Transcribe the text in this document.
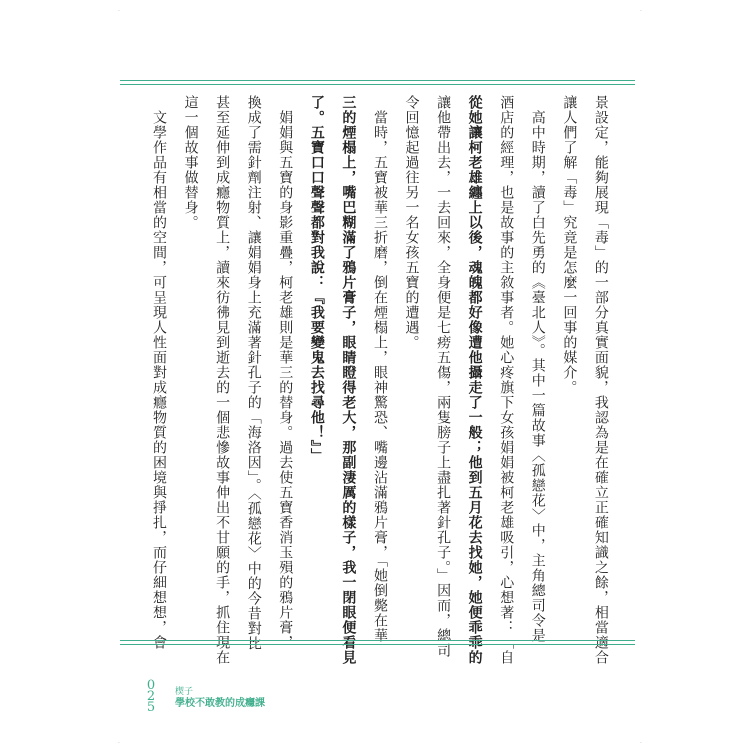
景設定，能夠展現「毒」的一部分真實面貌，我認為是在確立正確知識之餘，相當適合
讓人們了解「毒」究竟是怎麼一回事的媒介。
　高中時期，讀了白先勇的《臺北人》。其中一篇故事〈孤戀花〉中，主角總司令是
酒店的經理，也是故事的主敘事者。她心疼旗下女孩娟娟被柯老雄吸引，心想著：「自
從她讓柯老雄纏上以後，魂魄都好像遭他攝走了一般；他到五月花去找她，她便乖乖的
讓他帶出去，一去回來，全身便是七痨五傷，兩隻膀子上盡扎著針孔子。」因而，總司
令回憶起過往另一名女孩五寶的遭遇。
　當時，五寶被華三折磨，倒在煙榻上，眼神驚恐、嘴邊沾滿鴉片膏，「她倒斃在華
三的煙榻上，嘴巴糊滿了鴉片膏子，眼睛瞪得老大，那副淒厲的樣子，我一閉眼便看見
了。五寶口口聲聲都對我說：『我要變鬼去找尋他！』」
　娟娟與五寶的身影重疊，柯老雄則是華三的替身。過去使五寶香消玉殞的鴉片膏，
換成了需針劑注射、讓娟娟身上充滿著針孔子的「海洛因」。〈孤戀花〉中的今昔對比
甚至延伸到成癮物質上，讀來彷彿見到逝去的一個悲慘故事伸出不甘願的手，抓住現在
這一個故事做替身。
　文學作品有相當的空間，可呈現人性面對成癮物質的困境與掙扎，而仔細想想，會
0
2
5
楔子
學校不敢教的成癮課
·	·
·	·
